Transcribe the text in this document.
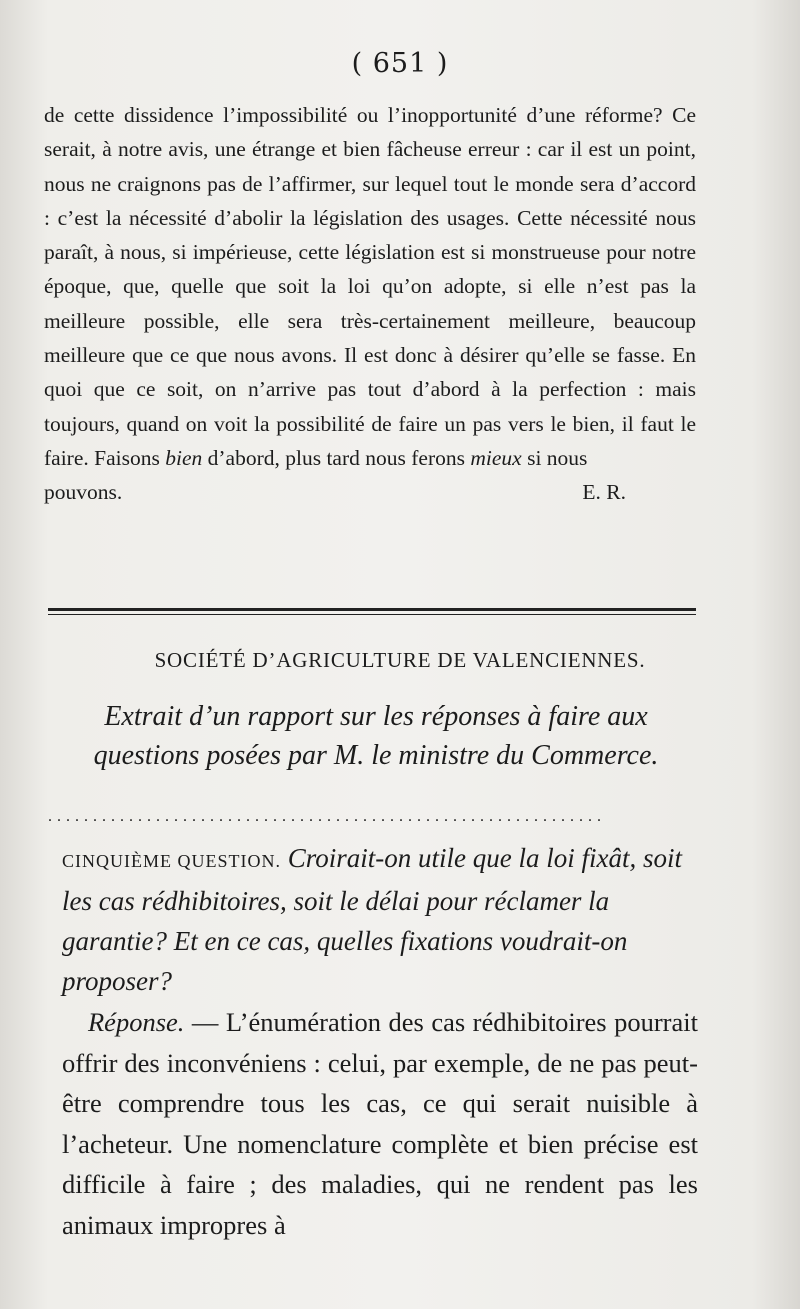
( 651 )
de cette dissidence l’impossibilité ou l’inopportunité d’une réforme? Ce serait, à notre avis, une étrange et bien fâcheuse erreur : car il est un point, nous ne craignons pas de l’affirmer, sur lequel tout le monde sera d’accord : c’est la nécessité d’abolir la législation des usages. Cette nécessité nous paraît, à nous, si impérieuse, cette législation est si monstrueuse pour notre époque, que, quelle que soit la loi qu’on adopte, si elle n’est pas la meilleure possible, elle sera très-certainement meilleure, beaucoup meilleure que ce que nous avons. Il est donc à désirer qu’elle se fasse. En quoi que ce soit, on n’arrive pas tout d’abord à la perfection : mais toujours, quand on voit la possibilité de faire un pas vers le bien, il faut le faire. Faisons bien d’abord, plus tard nous ferons mieux si nous
pouvons.	E. R.
SOCIÉTÉ D’AGRICULTURE DE VALENCIENNES.
Extrait d’un rapport sur les réponses à faire aux questions posées par M. le ministre du Commerce.
..............................................................
CINQUIÈME QUESTION. Croirait-on utile que la loi fixât, soit les cas rédhibitoires, soit le délai pour réclamer la garantie? Et en ce cas, quelles fixations voudrait-on proposer?
Réponse. — L’énumération des cas rédhibitoires pourrait offrir des inconvéniens : celui, par exemple, de ne pas peut-être comprendre tous les cas, ce qui serait nuisible à l’acheteur. Une nomenclature complète et bien précise est difficile à faire ; des maladies, qui ne rendent pas les animaux impropres à
